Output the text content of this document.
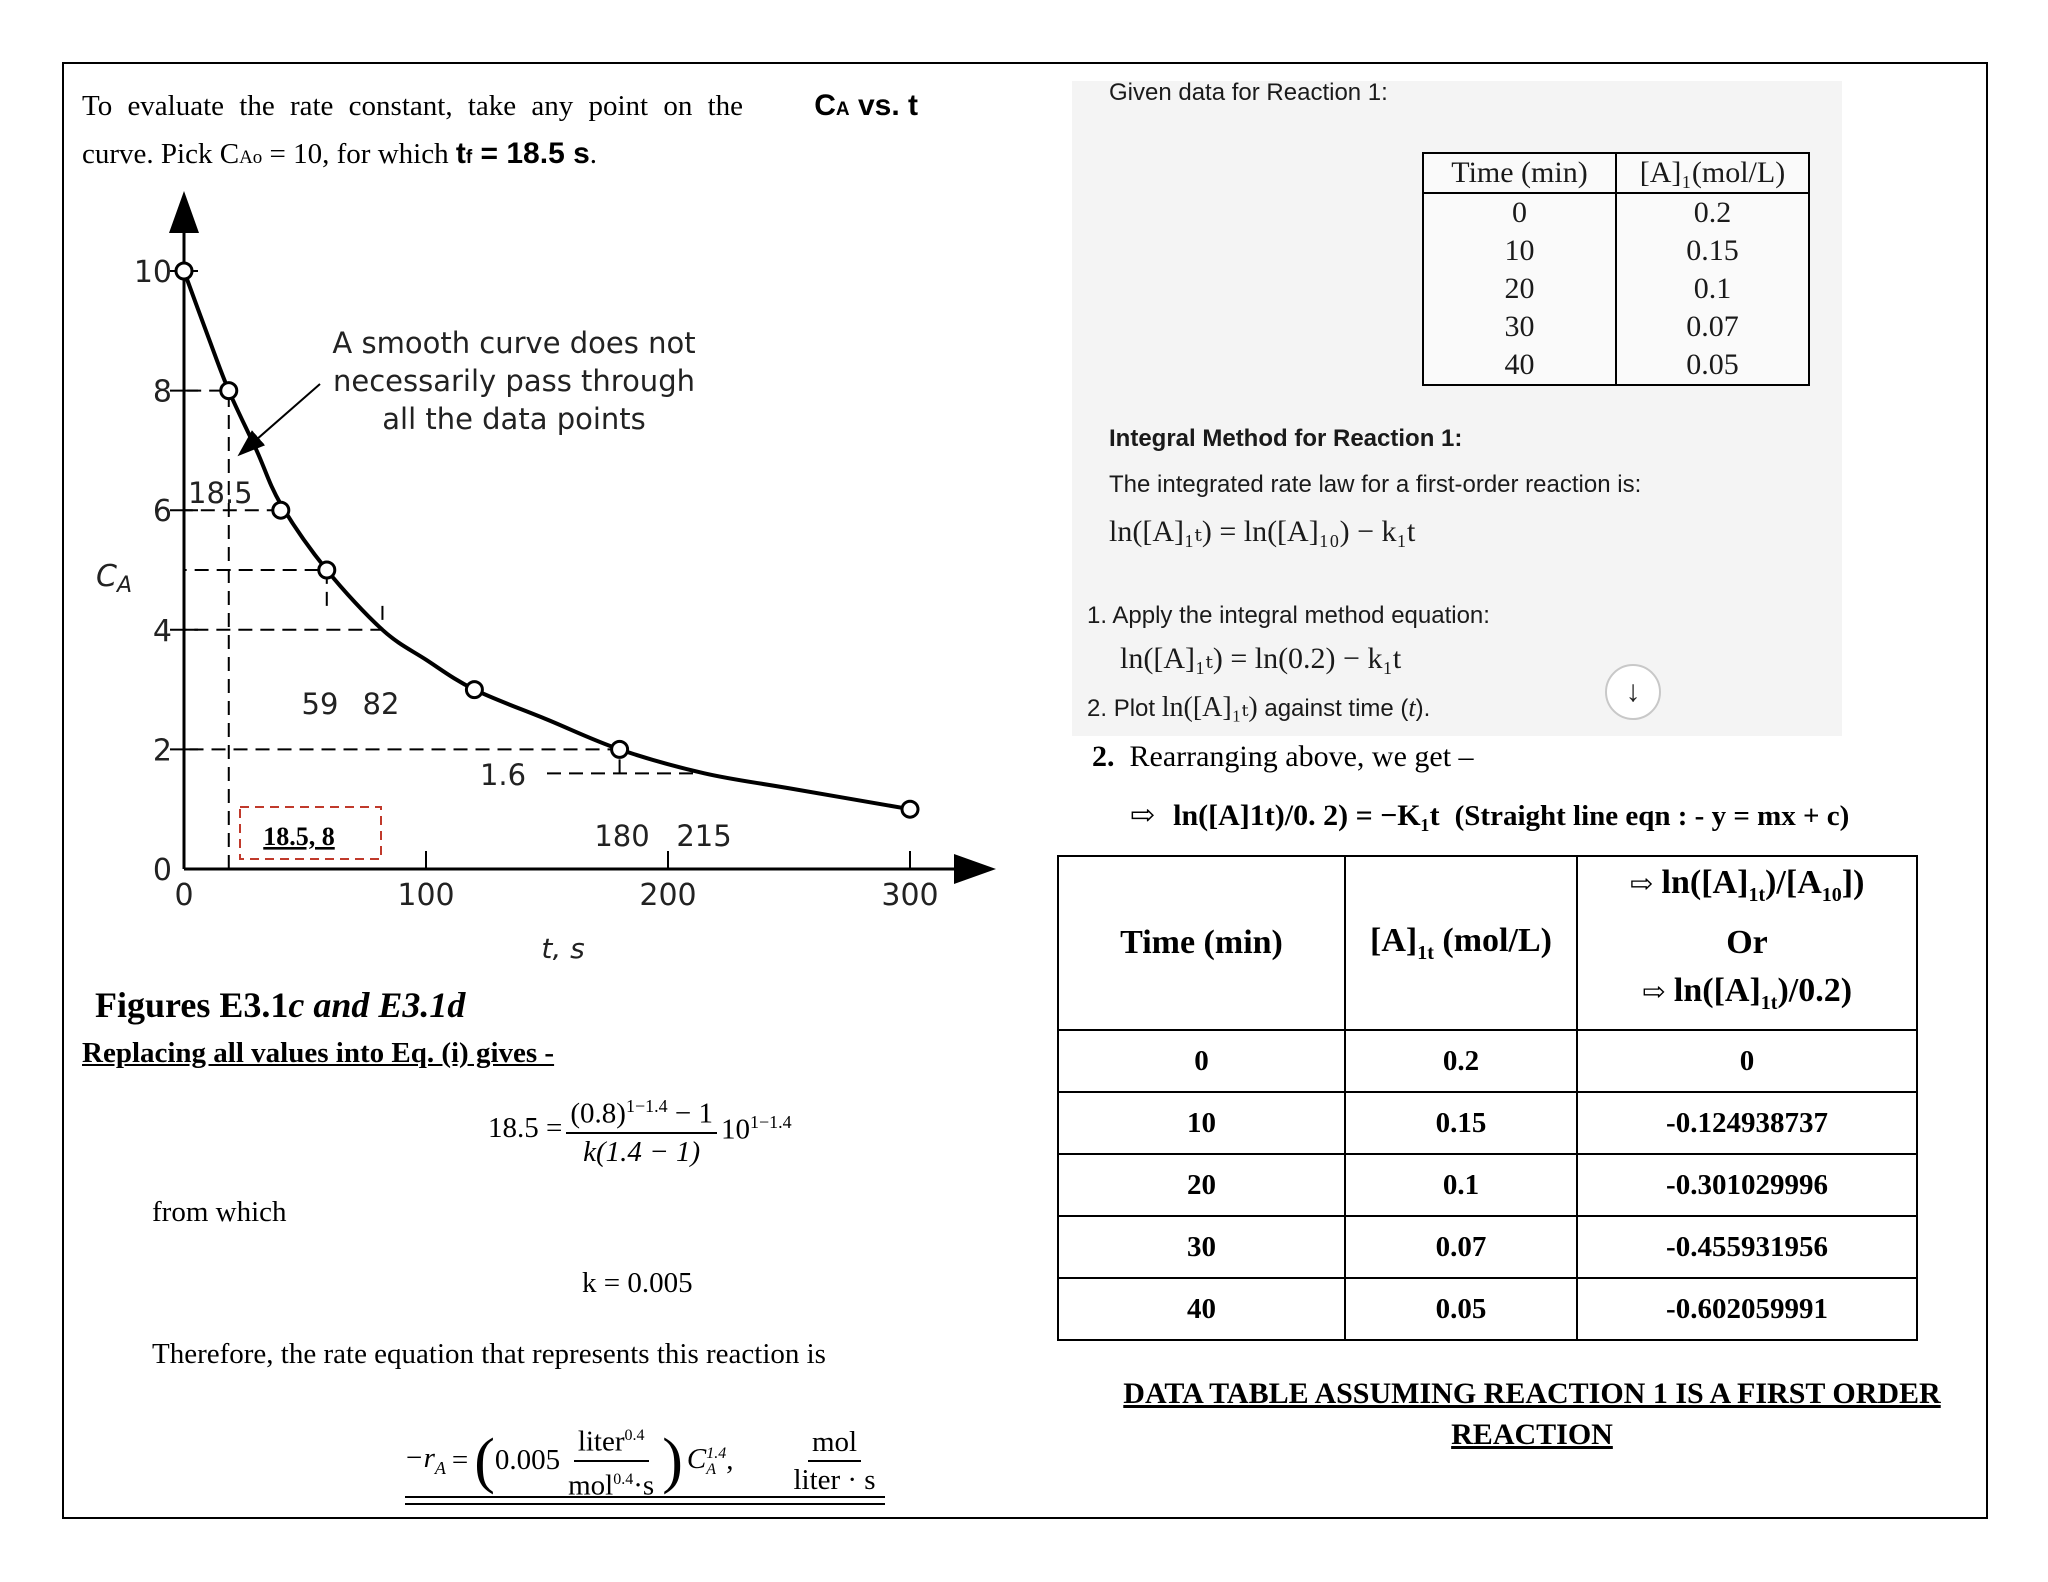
To evaluate the rate constant, take any point on the CA vs. t
curve. Pick CAo = 10, for which tf = 18.5 s.
0
2
4
6
8
10
0	100	200	300
A smooth curve does not
necessarily pass through
all the data points
$C_A$
t, s
18.5
59 82
1.6
180 215
18.5, 8
Figures E3.1c and E3.1d
Replacing all values into Eq. (i) gives -
$18.5 = \frac{(0.8)^{1-1.4} - 1}{k(1.4 - 1)} 10^{1-1.4}$
from which
k = 0.005
Therefore, the rate equation that represents this reaction is
$-r_A$ = ( $0.005 \frac{liter^{0.4}}{mol^{0.4}\cdot s}$ ) C 1.4
A , $\frac{\text{mol}}{\text{liter · s}}$
Given data for Reaction 1:
Time (min)	[A]₁(mol/L)
0	0.2
10	0.15
20	0.1
30	0.07
40	0.05
Integral Method for Reaction 1:
The integrated rate law for a first-order reaction is:
ln([A]₁ₜ) = ln([A]₁₀) − k₁t
1. Apply the integral method equation:
ln([A]₁ₜ) = ln(0.2) − k₁t
2. Plot ln([A]₁ₜ) against time (t).
↓
2. Rearranging above, we get –
⇨ ln([A]1t)/0. 2) = −K₁t (Straight line eqn : - y = mx + c)
Time (min)	$[A]_{1t}$ (mol/L)	⇨ $\ln([A]_{1t})/[A_{10}]$)
Or
⇨ $\ln([A]_{1t})/0.2$)

0	0.2	0
10	0.15	-0.124938737
20	0.1	-0.301029996
30	0.07	-0.455931956
40	0.05	-0.602059991
DATA TABLE ASSUMING REACTION 1 IS A FIRST ORDER REACTION
